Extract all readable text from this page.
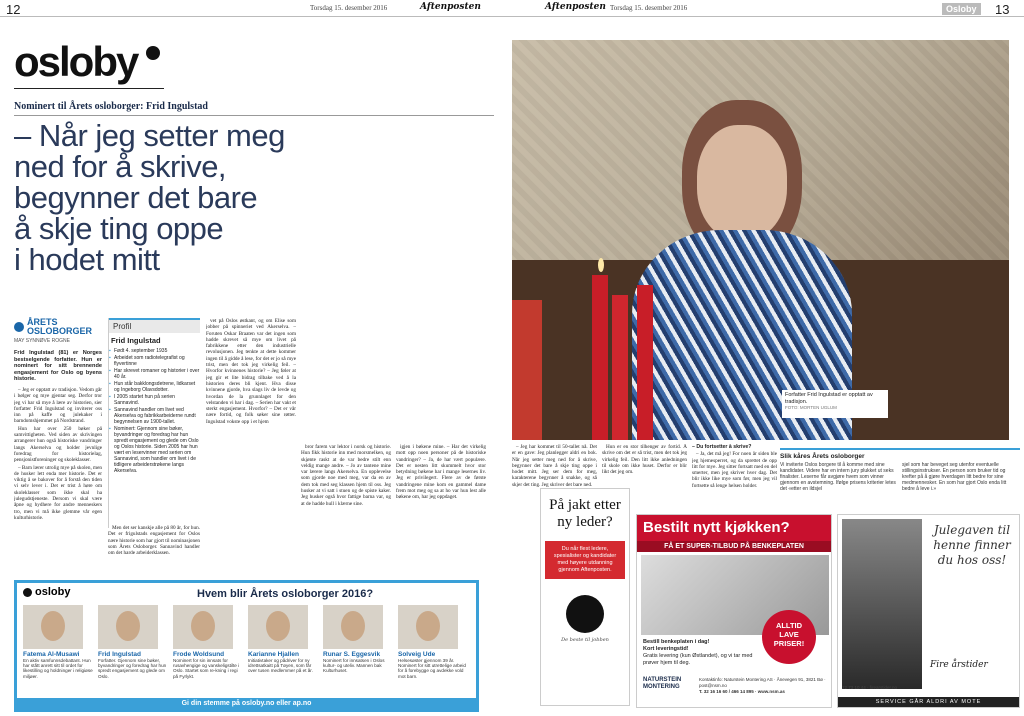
12	Torsdag 15. desember 2016	Aftenposten
osloby
Nominert til Årets osloborger: Frid Ingulstad
– Når jeg setter meg
ned for å skrive,
begynner det bare
å skje ting oppe
i hodet mitt
ÅRETS
OSLOBORGER
MAY SYNNØVE ROGNE

Frid Ingulstad (81) er Norges bestselgende forfatter. Hun er nominert for sitt brennende engasjement for Oslo og byens historie.

– Jeg er opptatt av tradisjon. Vedom går i bølger og mye gjentar seg. Derfor tror jeg vi har så mye å lære av historien, sier forfatter Frid Ingulstad og inviterer oss inn på kaffe og julekaker i barndomshjemmet på Nordstrand.

Hun har over 250 bøker på samvittigheten. Ved siden av skrivingen arrangerer hun også historiske vandringer langs Akerselva og holder jevnlige foredrag for historielag, pensjonistforeninger og skoleklasser.

– Barn lærer utrolig mye på skolen, men de husker lett enda mer historie. Det er viktig å se bakover for å forstå den tiden vi selv lever i. Det er trist å høre om skoleklasser som ikke skal ha julegudstjeneste. Dersom vi skal være åpne og hydhere for andre menneskers tro, men vi må ikke glemme vår egen kulturhistorie.

Profil
Frid Ingulstad
▪ Født 4. september 1935
▪ Arbeidet som radiotelegrafist og flyvertinne
▪ Har skrevet romaner og historier i over 40 år.
▪ Hun står bakklongsdetrene, lidkarset og Ingeborg Olavsdotter.
▪ I 2005 startet hun på serien Sannavind.
▪ Sannavind handler om livet ved Akerselva og fabrikkarbeiderne rundt begynnelsen av 1900-tallet.
▪ Nominert: Gjennom sine bøker, byvandringer og foredrag har hun spredt engasjement og glede om Oslo og Oslos historie. Siden 2005 har hun vært en leservinner med serien om Sannavind, som handler om livet i de tidligere arbeiderstrøkene langs Akerselva.

Men det ser kanskje alle på 80 år, for hun. Det er frigulstads engasjement for Oslos nære historie som har gjort til nominasjonen som Årets Osloborger. Sannavind handler om det harde arbeiderklassen.

vet på Oslos østkant, og om Elise som jobber på spinneriet ved Akerselva. – Foruten Oskar Braaten var det ingen som hadde skrevet så mye om livet på fabrikkene etter den industrielle revolusjonen. Jeg tenkte at dette kommer ingen til å gidde å lese, for det er jo så mye trist, men det tok jeg virkelig feil. – Hvorfor kvinnenes historie? – Jeg føler at jeg gir et lite bidrag tilbake ved å la historien deres bli kjent. Hva disse kvinnene gjorde, hva slags liv de levde og hvordan de la grunnlaget for den velstanden vi har i dag. – Serien har vakt et sterkt engasjement. Hvorfor? – Det er vår nære fortid, og folk søker sine røtter. Ingulstad vokste opp i et hjem

bror farem var lektor i norsk og historie. Hun fikk historie inn med morsmelken, og skjønte raskt at de var bedre stilt enn veldig mange andre. – Jo av tantene mine var lærere langs Akerselva. En opplevelse som gjorde noe med meg, var da en av dem tok med seg klassen hjem til oss. Jeg husker at vi satt i stuen og de spiste kaker. Jeg husker også hvor fattige barna var, og at de hadde hull i klærne sine.

igjen i bøkene mine. – Har det virkelig mott opp noen personer på de historiske vandringer? – Ja, de har vært populære. Det er nesten litt skummelt hvor stor betydning bøkene har i mange lesernes liv. Jeg er privilegert. Flere av de første vandringene mine kom en gammel dame frem mot meg og sa at ho var hun lest alle bøkene om, har jeg oppdaget.

osloby	Hvem blir Årets osloborger 2016?
Fatema Al-Musawi
En aktiv samfunnsdebattant. Hun har stått anrett sitt til ordet for likestilling og holdninger i religiøse miljøer.
Frid Ingulstad
Forfatter. Gjennom sine bøker, byvandringer og foredrag har hun spredt engasjement og glede om Oslo.
Frode Woldsund
Nominert for sin innsats for rusavhengige og vanskeligstilte i Oslo. Startet som re-kning i regi på Fyrlykt.
Karianne Hjallen
Initiativtaker og pådriver for ny idrettsatkaitt på Tøyen, som får over tusen medlemmer på et år.
Runar S. Eggesvik
Nominert for innsatsen i Oslos kultur- og uteliv. Mannen bak Kulturhuset.
Solveig Ude
Helsesøster gjennom 39 år. Nominert for sitt utrettelige arbeid for å forebygge og avdekke vold mot barn.
Gi din stemme på osloby.no eller ap.no
Aftenposten Torsdag 15. desember 2016	Osloby	13
Forfatter Frid Ingulstad er opptatt av tradisjon.
FOTO: MORTEN UGLUM

– Jeg har kommet til 50-tallet nå. Det er en gave: Jeg planlegger aldri en bok. Når jeg setter meg ned for å skrive, begynner det bare å skje ting oppe i hodet mitt. Jeg ser dem for meg, karakterene begynner å snakke, og så skjer det ting. Jeg skriver det bare ned.

Hun er en stor tilhenger av fortid. Å skrive om det er så trist, men det tok jeg virkelig feil. Den litt ikke anledningen til skole om ikke huset. Derfor er blir likt det jeg om.

– Du fortsetter å skrive?

– Ja, det må jeg! For noen år siden ble jeg hjemesperret, og da sprettet de opp litt for mye. Jeg sitter fortsatt med en del smerter, men jeg skriver hver dag. Det blir ikke like mye som før, men jeg vil fortsette så lenge helsen holder.

Slik kåres Årets osloborger
Vi inviterte Oslos borgere til å komme med sine kandidater. Videre har en intern jury plukket ut seks finalister. Leserne får avgjøre hvem som vinner gjennom en avstemning. Ifølge prisens kriterier letes det «etter en ildsjel
sjel som har beveget seg utenfor eventuelle stillingsinstrukser. En person som bruker tid og krefter på å gjøre hverdagen litt bedre for sine medmennesker. En som har gjort Oslo enda litt bedre å leve i.»
På jakt etter ny leder?
Du når flest ledere, spesialister og kandidater med høyere utdanning gjennom Aftenposten.
De beste til jobben
Bestilt nytt kjøkken?
FÅ ET SUPER-TILBUD PÅ BENKEPLATEN
ALLTID
LAVE
PRISER!
Bestill benkeplaten i dag!
Kort leveringstid!
Gratis levering (kun Østlandet), og vi tar med prøver hjem til deg.
NATURSTEIN MONTERING
Kontaktinfo: Naturstein Montering AS · Ånevegen 91, 3821 Bø · post@nsm.no
T. 32 16 16 60 / 466 14 895 · www.nsm.as
Julegaven til henne finner du hos oss!
Fire årstider
22 73 10 44 · firearstider.no
SERVICE GÅR ALDRI AV MOTE
